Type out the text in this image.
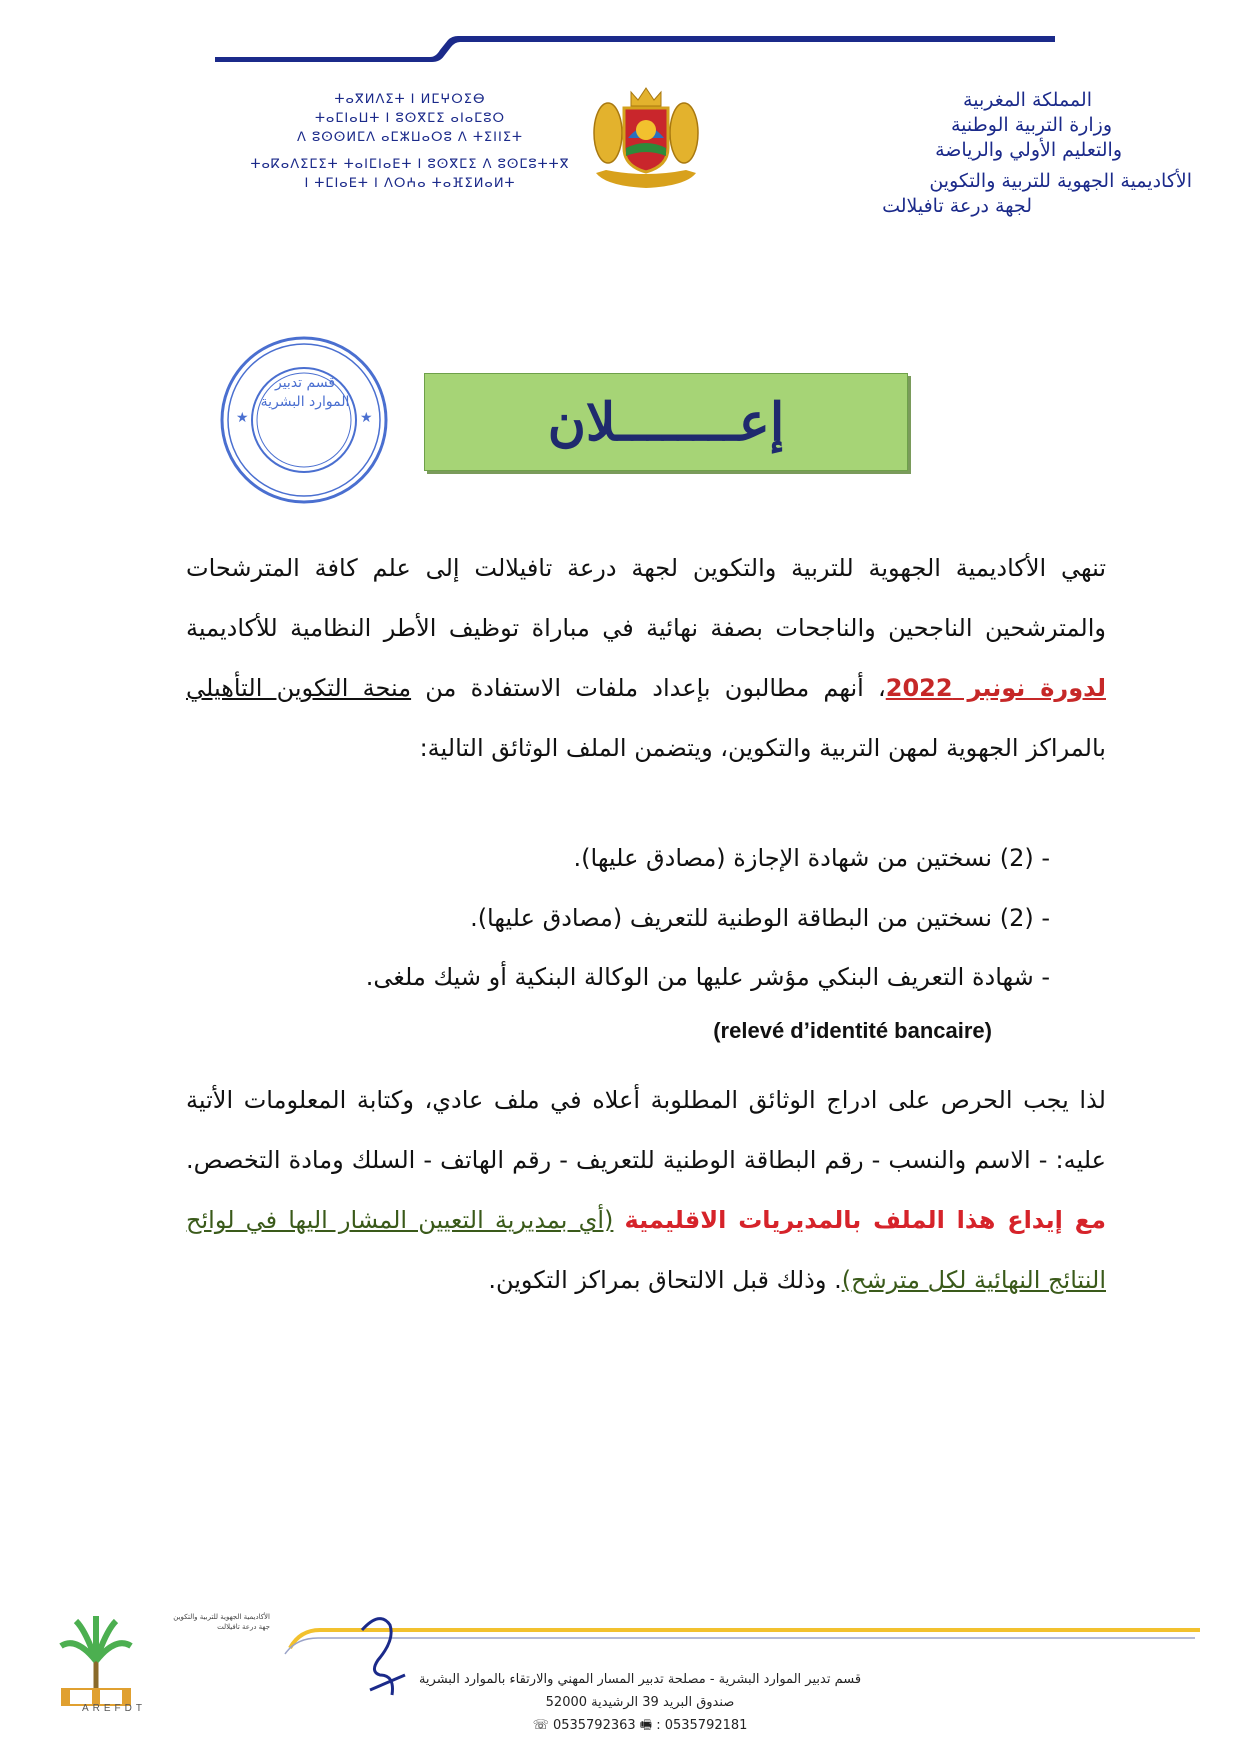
المملكة المغربية
وزارة التربية الوطنية
والتعليم الأولي والرياضة
الأكاديمية الجهوية للتربية والتكوين
لجهة درعة تافيلالت
ⵜⴰⴳⵍⴷⵉⵜ ⵏ ⵍⵎⵖⵔⵉⴱ
ⵜⴰⵎⵏⴰⵡⵜ ⵏ ⵓⵙⴳⵎⵉ ⴰⵏⴰⵎⵓⵔ
ⴷ ⵓⵙⵙⵍⵎⴷ ⴰⵎⵣⵡⴰⵔⵓ ⴷ ⵜⵉⵏⵏⵉⵜ
ⵜⴰⴽⴰⴷⵉⵎⵉⵜ ⵜⴰⵏⵎⵏⴰⴹⵜ ⵏ ⵓⵙⴳⵎⵉ ⴷ ⵓⵙⵎⵓⵜⵜⴳ
ⵏ ⵜⵎⵏⴰⴹⵜ ⵏ ⴷⵔⵄⴰ ⵜⴰⴼⵉⵍⴰⵍⵜ
★	★
قسم تدبير
الموارد البشرية	إعــــــــلان
تنهي الأكاديمية الجهوية للتربية والتكوين لجهة درعة تافيلالت إلى علم كافة المترشحات والمترشحين الناجحين والناجحات بصفة نهائية في مباراة توظيف الأطر النظامية للأكاديمية لدورة نونبر 2022، أنهم مطالبون بإعداد ملفات الاستفادة من منحة التكوين التأهيلي بالمراكز الجهوية لمهن التربية والتكوين، ويتضمن الملف الوثائق التالية:
- (2) نسختين من شهادة الإجازة (مصادق عليها).
- (2) نسختين من البطاقة الوطنية للتعريف (مصادق عليها).
- شهادة التعريف البنكي مؤشر عليها من الوكالة البنكية أو شيك ملغى.
(relevé d’identité bancaire)
لذا يجب الحرص على ادراج الوثائق المطلوبة أعلاه في ملف عادي، وكتابة المعلومات الأتية عليه: - الاسم والنسب - رقم البطاقة الوطنية للتعريف - رقم الهاتف - السلك ومادة التخصص. مع إيداع هذا الملف بالمديريات الاقليمية (أي بمديرية التعيين المشار اليها في لوائح النتائج النهائية لكل مترشح). وذلك قبل الالتحاق بمراكز التكوين.
AREFDT
الأكاديمية الجهوية للتربية والتكوين جهة درعة تافيلالت
قسم تدبير الموارد البشرية - مصلحة تدبير المسار المهني والارتقاء بالموارد البشرية
صندوق البريد 39 الرشيدية 52000
☏ 0535792363 🖷 : 0535792181
